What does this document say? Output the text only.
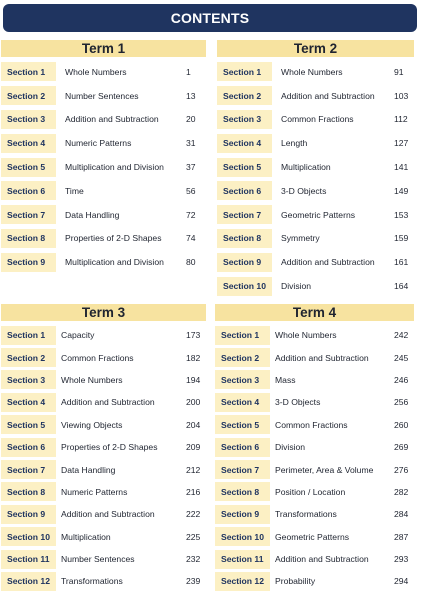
CONTENTS
Term 1
Section 1	Whole Numbers	1
Section 2	Number Sentences	13
Section 3	Addition and Subtraction	20
Section 4	Numeric Patterns	31
Section 5	Multiplication and Division	37
Section 6	Time	56
Section 7	Data Handling	72
Section 8	Properties of 2-D Shapes	74
Section 9	Multiplication and Division	80
Term 2
Section 1	Whole Numbers	91
Section 2	Addition and Subtraction	103
Section 3	Common Fractions	112
Section 4	Length	127
Section 5	Multiplication	141
Section 6	3-D Objects	149
Section 7	Geometric Patterns	153
Section 8	Symmetry	159
Section 9	Addition and Subtraction	161
Section 10	Division	164
Term 3
Section 1	Capacity	173
Section 2	Common Fractions	182
Section 3	Whole Numbers	194
Section 4	Addition and Subtraction	200
Section 5	Viewing Objects	204
Section 6	Properties of 2-D Shapes	209
Section 7	Data Handling	212
Section 8	Numeric Patterns	216
Section 9	Addition and Subtraction	222
Section 10	Multiplication	225
Section 11	Number Sentences	232
Section 12	Transformations	239
Term 4
Section 1	Whole Numbers	242
Section 2	Addition and Subtraction	245
Section 3	Mass	246
Section 4	3-D Objects	256
Section 5	Common Fractions	260
Section 6	Division	269
Section 7	Perimeter, Area & Volume	276
Section 8	Position / Location	282
Section 9	Transformations	284
Section 10	Geometric Patterns	287
Section 11	Addition and Subtraction	293
Section 12	Probability	294
